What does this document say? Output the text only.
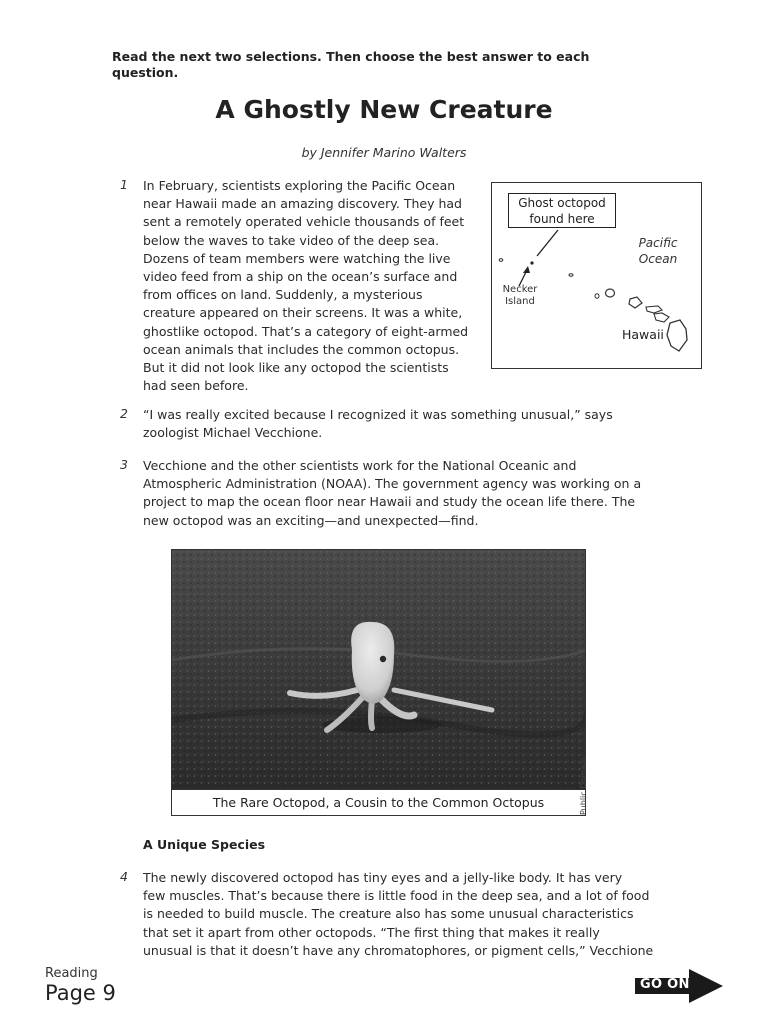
Read the next two selections. Then choose the best answer to each question.
A Ghostly New Creature
by Jennifer Marino Walters
1	In February, scientists exploring the Pacific Ocean
near Hawaii made an amazing discovery. They had
sent a remotely operated vehicle thousands of feet
below the waves to take video of the deep sea.
Dozens of team members were watching the live
video feed from a ship on the ocean’s surface and
from offices on land. Suddenly, a mysterious
creature appeared on their screens. It was a white,
ghostlike octopod. That’s a category of eight-armed
ocean animals that includes the common octopus.
But it did not look like any octopod the scientists
had seen before.
Ghost octopod
found here
Pacific
Ocean
Necker
Island
Hawaii
2	“I was really excited because I recognized it was something unusual,” says
zoologist Michael Vecchione.
3	Vecchione and the other scientists work for the National Oceanic and
Atmospheric Administration (NOAA). The government agency was working on a
project to map the ocean floor near Hawaii and study the ocean life there. The
new octopod was an exciting—and unexpected—find.
The Rare Octopod, a Cousin to the Common Octopus	Public Domain
A Unique Species
4	The newly discovered octopod has tiny eyes and a jelly-like body. It has very
few muscles. That’s because there is little food in the deep sea, and a lot of food
is needed to build muscle. The creature also has some unusual characteristics
that set it apart from other octopods. “The first thing that makes it really
unusual is that it doesn’t have any chromatophores, or pigment cells,” Vecchione
Reading
Page 9	GO ON
